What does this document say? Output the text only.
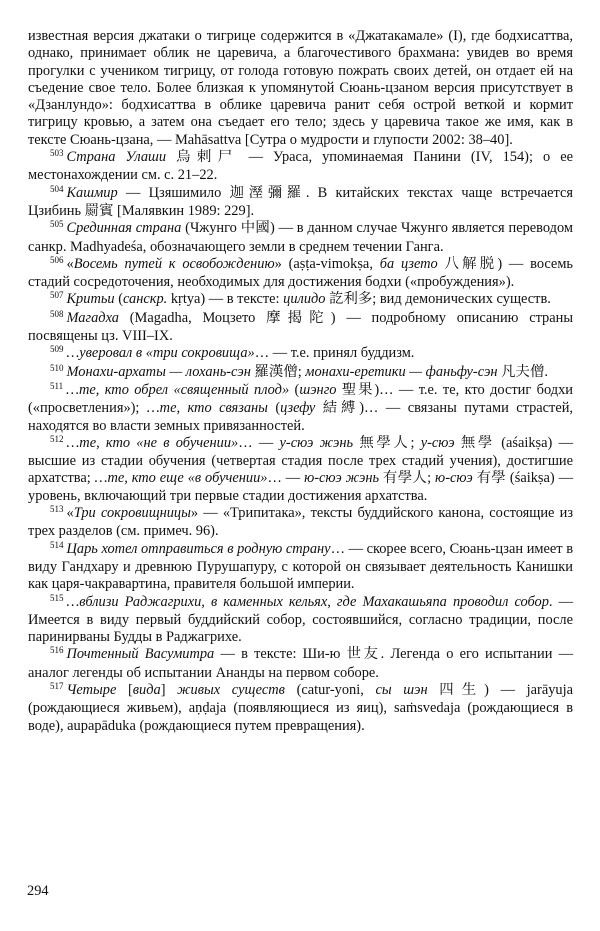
известная версия джатаки о тигрице содержится в «Джатакамале» (I), где бодхисаттва, однако, принимает облик не царевича, а благочестивого брахмана: увидев во время прогулки с учеником тигрицу, от голода готовую пожрать своих детей, он отдает ей на съедение свое тело. Более близкая к упомянутой Сюань-цзаном версия присутствует в «Дзанлундо»: бодхисаттва в облике царевича ранит себя острой веткой и кормит тигрицу кровью, а затем она съедает его тело; здесь у царевича такое же имя, как в тексте Сюань-цзана, — Mahāsattva [Сутра о мудрости и глупости 2002: 38–40].

$^{503}$ Страна Улаши 烏剌尸 — Ураса, упоминаемая Панини (IV, 154); о ее местонахождении см. с. 21–22.

$^{504}$ Кашмир — Цзяшимило 迦溼彌羅. В китайских текстах чаще встречается Цзибинь 罽賓 [Малявкин 1989: 229].

$^{505}$ Срединная страна (Чжунго 中國) — в данном случае Чжунго является переводом санкр. Madhyadeśa, обозначающего земли в среднем течении Ганга.

$^{506}$ «Восемь путей к освобождению» (aṣṭa-vimokṣa, ба цзето 八解脱) — восемь стадий сосредоточения, необходимых для достижения бодхи («пробуждения»).

$^{507}$ Критьи (санскр. kṛtya) — в тексте: цилидо 訖利多; вид демонических существ.

$^{508}$ Магадха (Magadha, Моцзето 摩揭陀) — подробному описанию страны посвящены цз. VIII–IX.

$^{509}$ …уверовал в «три сокровища»… — т.е. принял буддизм.

$^{510}$ Монахи-архаты — лохань-сэн 羅漢僧; монахи-еретики — фаньфу-сэн 凡夫僧.

$^{511}$ …те, кто обрел «священный плод» (шэнго 聖果)… — т.е. те, кто достиг бодхи («просветления»); …те, кто связаны (цзефу 結縛)… — связаны путами страстей, находятся во власти земных привязанностей.

$^{512}$ …те, кто «не в обучении»… — у-сюэ жэнь 無學人; у-сюэ 無學 (aśaikṣa) — высшие из стадии обучения (четвертая стадия после трех стадий учения), достигшие архатства; …те, кто еще «в обучении»… — ю-сюэ жэнь 有學人; ю-сюэ 有學 (śaikṣa) — уровень, включающий три первые стадии достижения архатства.

$^{513}$ «Три сокровищницы» — «Трипитака», тексты буддийского канона, состоящие из трех разделов (см. примеч. 96).

$^{514}$ Царь хотел отправиться в родную страну… — скорее всего, Сюань-цзан имеет в виду Гандхару и древнюю Пурушапуру, с которой он связывает деятельность Канишки как царя-чакравартина, правителя большой империи.

$^{515}$ …вблизи Раджагрихи, в каменных кельях, где Махакашьяпа проводил собор. — Имеется в виду первый буддийский собор, состоявшийся, согласно традиции, после паринирваны Будды в Раджагрихе.

$^{516}$ Почтенный Васумитра — в тексте: Ши-ю 世友. Легенда о его испытании — аналог легенды об испытании Ананды на первом соборе.

$^{517}$ Четыре [вида] живых существ (catur-yoni, сы шэн 四生) — jarāyuja (рождающиеся живьем), aṇḍaja (появляющиеся из яиц), saṁsvedaja (рождающиеся в воде), aupapāduka (рождающиеся путем превращения).

294
